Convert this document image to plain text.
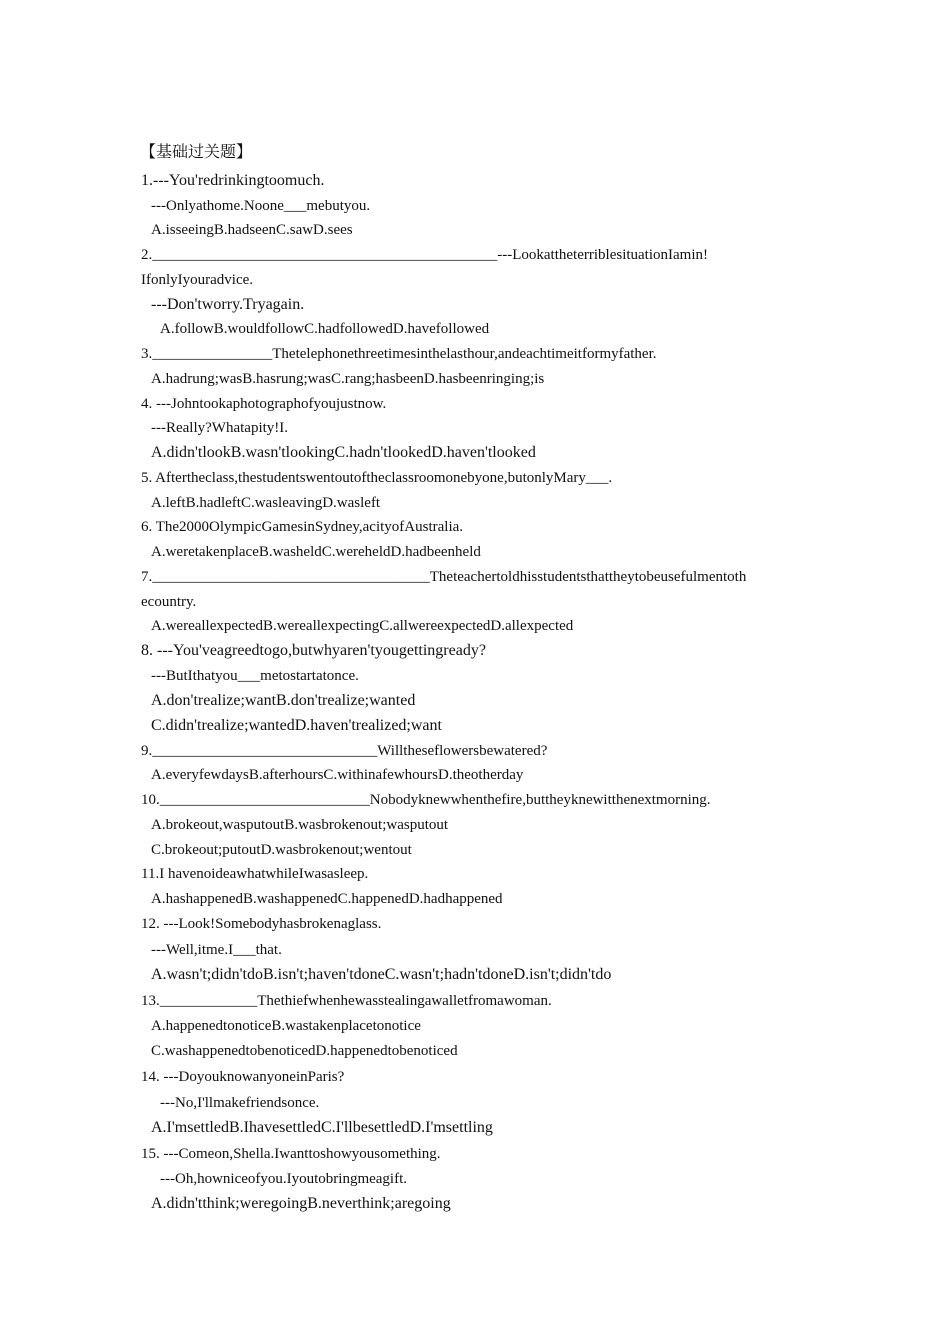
【基础过关题】
1.---You'redrinkingtoomuch.
---Onlyathome.Noone___mebutyou.
A.isseeingB.hadseenC.sawD.sees
2.______________________________________________---LookattheterriblesituationIamin!
IfonlyIyouradvice.
---Don'tworry.Tryagain.
A.followB.wouldfollowC.hadfollowedD.havefollowed
3.________________Thetelephonethreetimesinthelasthour,andeachtimeitformyfather.
A.hadrung;wasB.hasrung;wasC.rang;hasbeenD.hasbeenringing;is
4. ---Johntookaphotographofyoujustnow.
---Really?Whatapity!I.
A.didn'tlookB.wasn'tlookingC.hadn'tlookedD.haven'tlooked
5. Aftertheclass,thestudentswentoutoftheclassroomonebyone,butonlyMary___.
A.leftB.hadleftC.wasleavingD.wasleft
6. The2000OlympicGamesinSydney,acityofAustralia.
A.weretakenplaceB.washeldC.wereheldD.hadbeenheld
7._____________________________________Theteachertoldhisstudentsthattheytobeusefulmentoth
ecountry.
A.wereallexpectedB.wereallexpectingC.allwereexpectedD.allexpected
8. ---You'veagreedtogo,butwhyaren'tyougettingready?
---ButIthatyou___metostartatonce.
A.don'trealize;wantB.don'trealize;wanted
C.didn'trealize;wantedD.haven'trealized;want
9.______________________________Willtheseflowersbewatered?
A.everyfewdaysB.afterhoursC.withinafewhoursD.theotherday
10.____________________________Nobodyknewwhenthefire,buttheyknewitthenextmorning.
A.brokeout,wasputoutB.wasbrokenout;wasputout
C.brokeout;putoutD.wasbrokenout;wentout
11.I havenoideawhatwhileIwasasleep.
A.hashappenedB.washappenedC.happenedD.hadhappened
12. ---Look!Somebodyhasbrokenaglass.
---Well,itme.I___that.
A.wasn't;didn'tdoB.isn't;haven'tdoneC.wasn't;hadn'tdoneD.isn't;didn'tdo
13._____________Thethiefwhenhewasstealingawalletfromawoman.
A.happenedtonoticeB.wastakenplacetonotice
C.washappenedtobenoticedD.happenedtobenoticed
14. ---DoyouknowanyoneinParis?
---No,I'llmakefriendsonce.
A.I'msettledB.IhavesettledC.I'llbesettledD.I'msettling
15. ---Comeon,Shella.Iwanttoshowyousomething.
---Oh,howniceofyou.Iyoutobringmeagift.
A.didn'tthink;weregoingB.neverthink;aregoing
